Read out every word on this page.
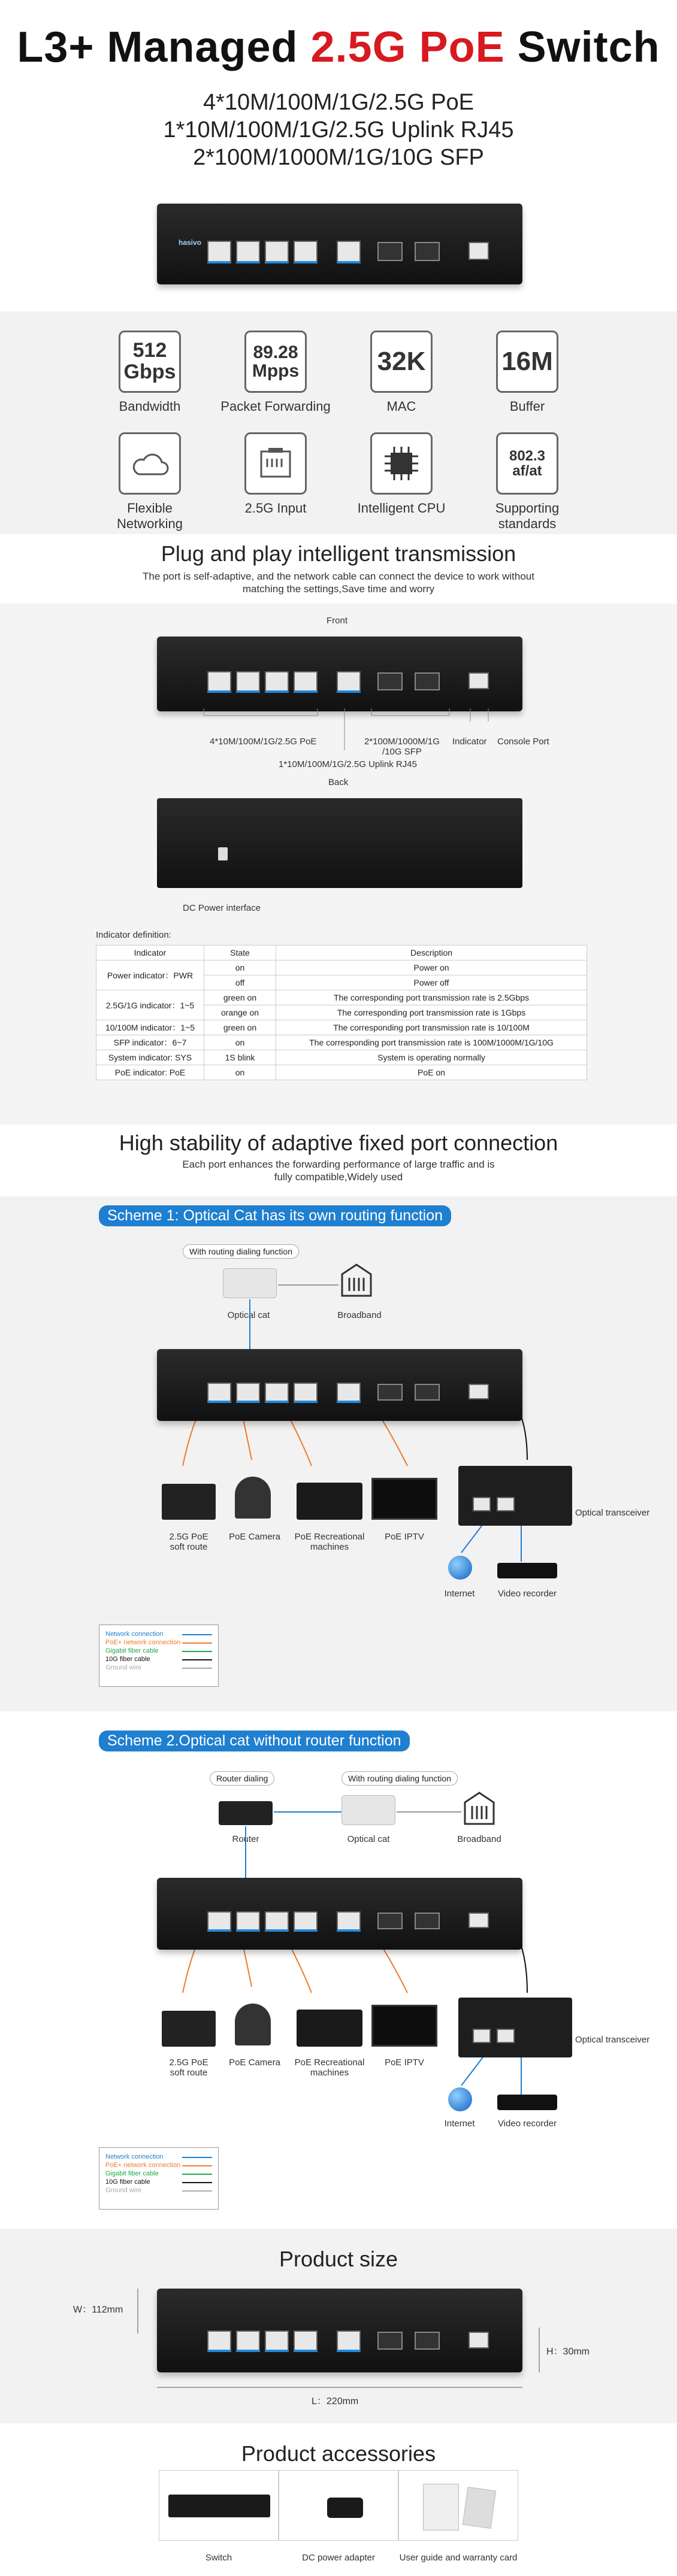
L3+ Managed 2.5G PoE Switch
4*10M/100M/1G/2.5G PoE
1*10M/100M/1G/2.5G Uplink RJ45
2*100M/1000M/1G/10G SFP
hasivo
512
Gbps
Bandwidth
89.28
Mpps
Packet Forwarding
32K
MAC
16M
Buffer
Flexible Networking
2.5G Input	Intelligent CPU
802.3
af/at
Supporting standards
Plug and play intelligent transmission
The port is self-adaptive, and the network cable can connect the device to work without
matching the settings,Save time and worry
Front
4*10M/100M/1G/2.5G PoE	2*100M/1000M/1G
/10G SFP
Indicator Console Port
1*10M/100M/1G/2.5G Uplink RJ45
Back
DC Power interface
Indicator definition:
Indicator	State	Description
Power indicator：PWR	on	Power on
	off	Power off
2.5G/1G indicator：1~5	green on	The corresponding port transmission rate is 2.5Gbps
	orange on	The corresponding port transmission rate is 1Gbps
10/100M indicator：1~5	green on	The corresponding port transmission rate is 10/100M
SFP indicator：6~7	on	The corresponding port transmission rate is 100M/1000M/1G/10G
System indicator: SYS	1S blink	System is operating normally
PoE indicator: PoE	on	PoE on
High stability of adaptive fixed port connection
Each port enhances the forwarding performance of large traffic and is
fully compatible,Widely used
Scheme 1: Optical Cat has its own routing function
With routing dialing function
Optical cat	Broadband
2.5G PoE
soft route
PoE Camera	PoE Recreational
machines
PoE IPTV
Optical transceiver
Internet	Video recorder
Network connection
PoE+ network connection
Gigabit fiber cable
10G fiber cable
Ground wire
Scheme 2.Optical cat without router function
Router dialing	With routing dialing function
Router	Optical cat	Broadband
2.5G PoE
soft route
PoE Camera	PoE Recreational
machines
PoE IPTV
Optical transceiver
Internet	Video recorder
Network connection
PoE+ network connection
Gigabit fiber cable
10G fiber cable
Ground wire
Product size
W：112mm
H：30mm
L：220mm
Product accessories
Switch	DC power adapter	User guide and warranty card
